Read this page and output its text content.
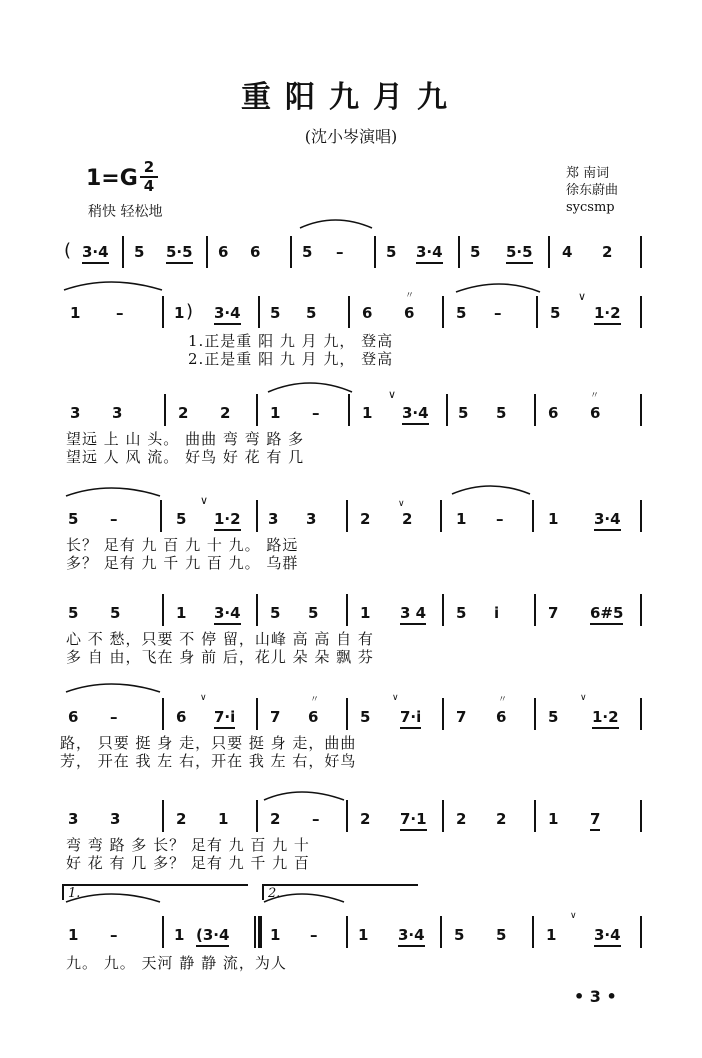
重阳九月九
(沈小岑演唱)
1=G 2
4
稍快 轻松地
郑 南词
徐东蔚曲
sycsmp
( 3·4 5 5·5 6 6	5 –	5 3·4 5 5·5 4 2
1 –	1 ) 3·4 5 5	6 6	5 –	5
∨
1·2
1.正是重 阳 九 月 九， 登高
2.正是重 阳 九 月 九， 登高
3 3	2 2	1 –	1
∨
3·4 5 5	6 6
望远 上 山 头。 曲曲 弯 弯 路 多
望远 人 风 流。 好鸟 好 花 有 几
5 –
∨
5 1·2 3 3	2 2	1 –	1 3·4
长？ 足有 九 百 九 十 九。 路远
多？ 足有 九 千 九 百 九。 乌群
5 5	1 3·4 5 5	1 3 4 5 i	7 6#5
心 不 愁，只要 不 停 留，山峰 高 高 自 有
多 自 由，飞在 身 前 后，花儿 朵 朵 飘 芬
6 –	6 7·i 7 6	5 7·i 7 6	5 1·2
路， 只要 挺 身 走，只要 挺 身 走，曲曲
芳， 开在 我 左 右，开在 我 左 右，好鸟
3 3	2 1	2 –	2 7·1 2 2	1 7
弯 弯 路 多 长？ 足有 九 百 九 十
好 花 有 几 多？ 足有 九 千 九 百
1.	2.
1 –	1 (3·4	1 –	1 3·4 5 5	1	3·4
九。 九。 天河 静 静 流，为人
• 3 •
〃
〃
〃	〃
∨
∨
∨
∨
∨
